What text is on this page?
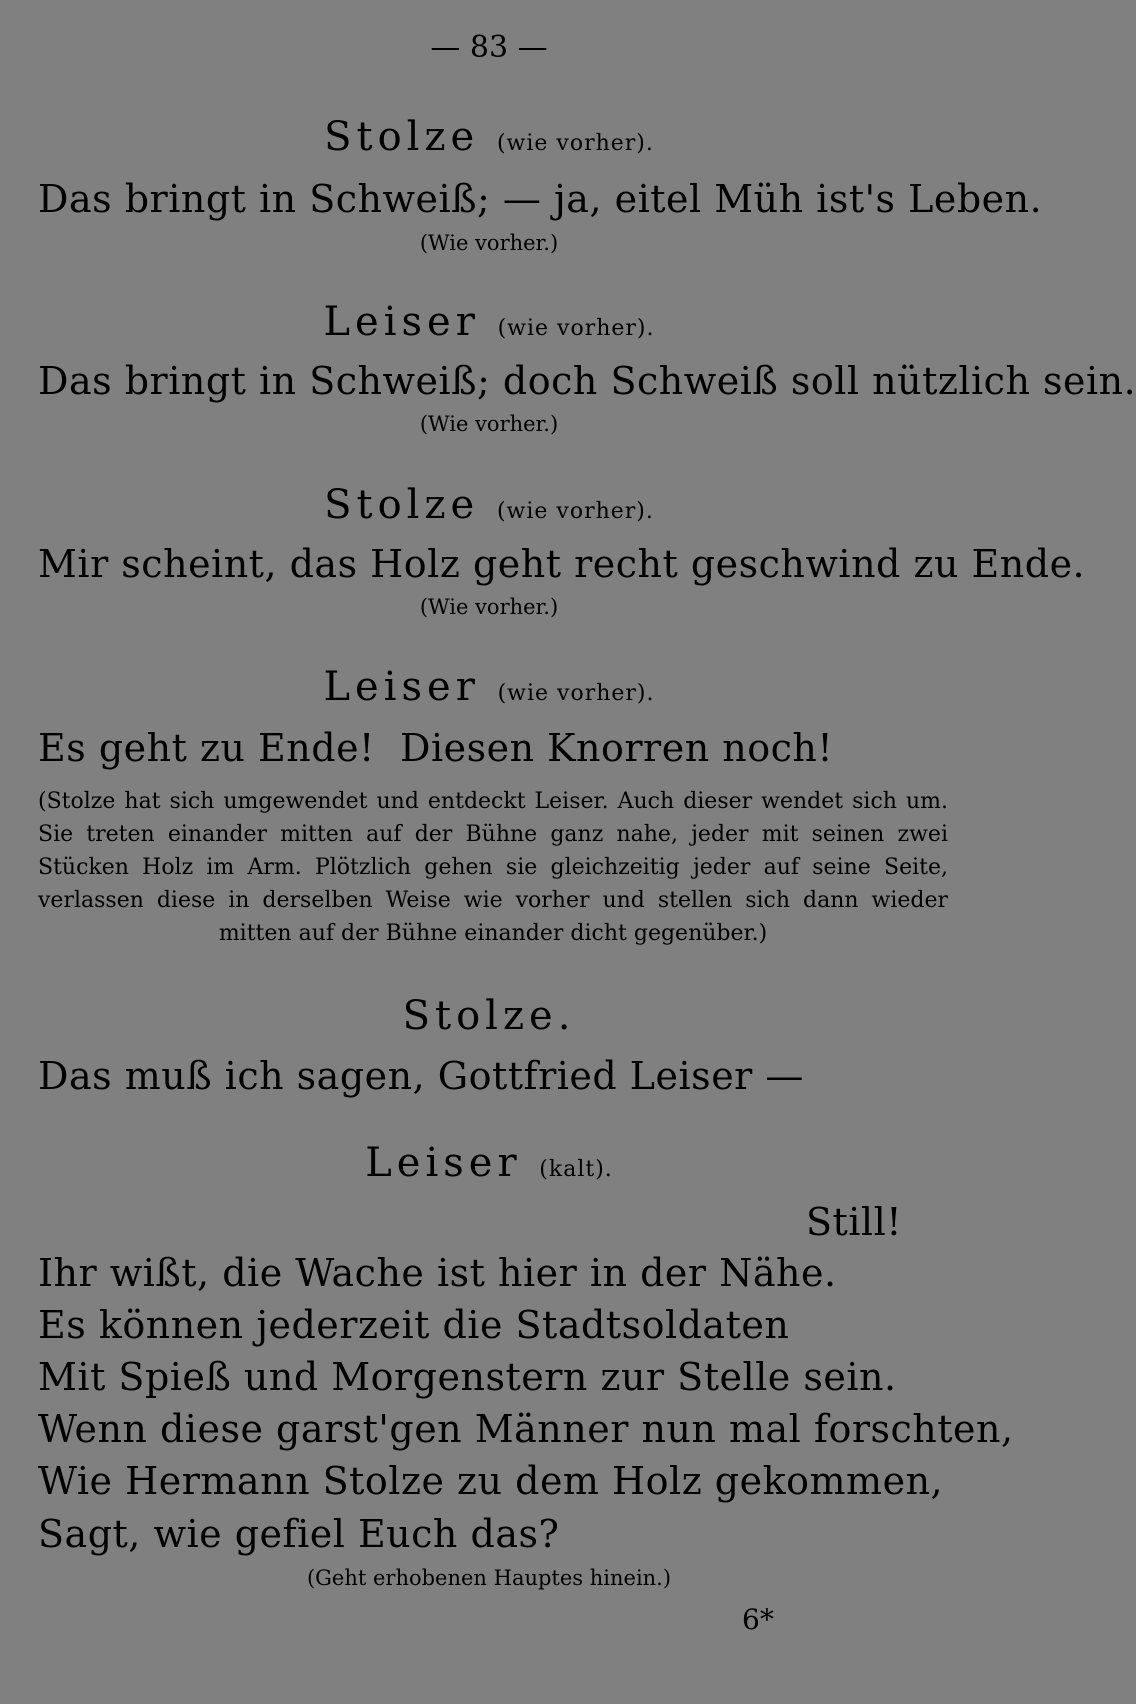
— 83 —
Stolze (wie vorher).
Das bringt in Schweiß; — ja, eitel Müh ist's Leben.
(Wie vorher.)
Leiser (wie vorher).
Das bringt in Schweiß; doch Schweiß soll nützlich sein.
(Wie vorher.)
Stolze (wie vorher).
Mir scheint, das Holz geht recht geschwind zu Ende.
(Wie vorher.)
Leiser (wie vorher).
Es geht zu Ende!  Diesen Knorren noch!
(Stolze hat sich umgewendet und entdeckt Leiser. Auch dieser wendet sich um. Sie treten einander mitten auf der Bühne ganz nahe, jeder mit seinen zwei Stücken Holz im Arm. Plötzlich gehen sie gleichzeitig jeder auf seine Seite, verlassen diese in derselben Weise wie vorher und stellen sich dann wieder mitten auf der Bühne einander dicht gegenüber.)
Stolze.
Das muß ich sagen, Gottfried Leiser —
Leiser (kalt).
Still!
Ihr wißt, die Wache ist hier in der Nähe.
Es können jederzeit die Stadtsoldaten
Mit Spieß und Morgenstern zur Stelle sein.
Wenn diese garst'gen Männer nun mal forschten,
Wie Hermann Stolze zu dem Holz gekommen,
Sagt, wie gefiel Euch das?
(Geht erhobenen Hauptes hinein.)
6*
